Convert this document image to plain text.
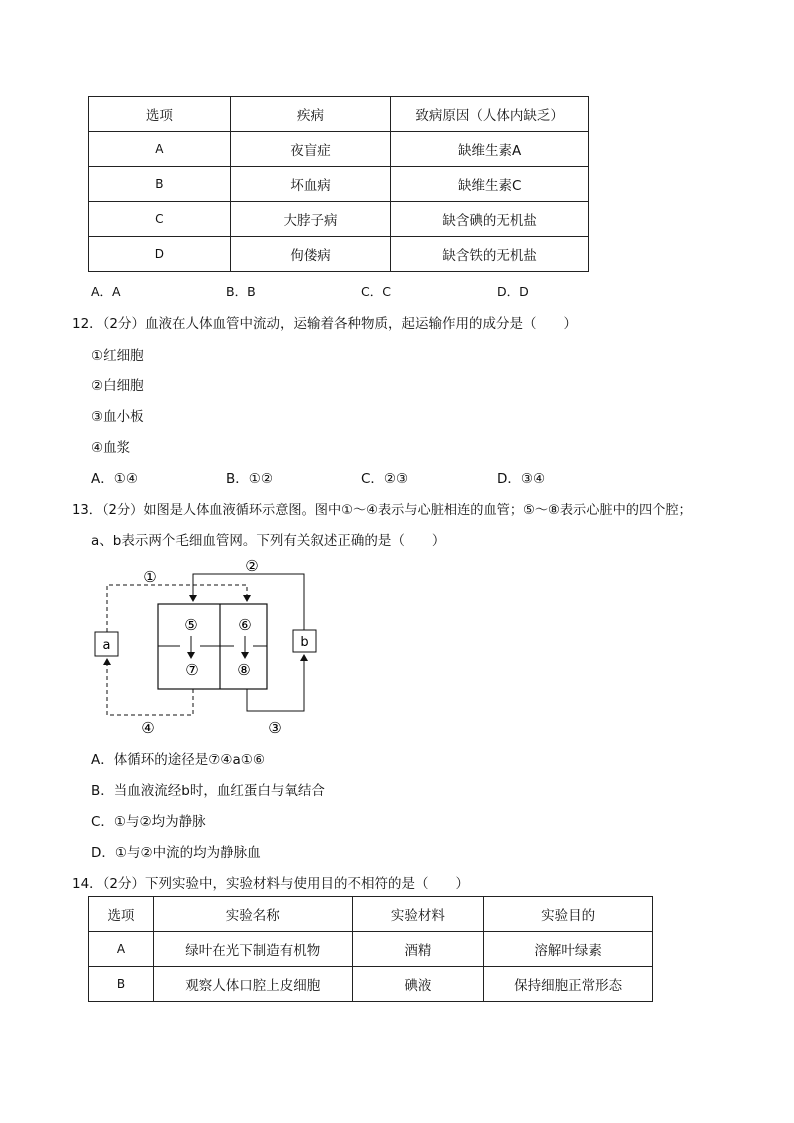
选项	疾病	致病原因（人体内缺乏）
A	夜盲症	缺维生素A
B	坏血病	缺维生素C
C	大脖子病	缺含碘的无机盐
D	佝偻病	缺含铁的无机盐
A．A	B．B	C．C	D．D
12．（2分）血液在人体血管中流动，运输着各种物质，起运输作用的成分是（　　）
①红细胞
②白细胞
③血小板
④血浆
A．①④	B．①②	C．②③	D．③④
13．（2分）如图是人体血液循环示意图。图中①～④表示与心脏相连的血管；⑤～⑧表示心脏中的四个腔；
a、b表示两个毛细血管网。下列有关叙述正确的是（　　）
⑤	⑥
⑦	⑧
a	b
①
②
③
④
A．体循环的途径是⑦④a①⑥
B．当血液流经b时，血红蛋白与氧结合
C．①与②均为静脉
D．①与②中流的均为静脉血
14．（2分）下列实验中，实验材料与使用目的不相符的是（　　）
选项	实验名称	实验材料	实验目的
A	绿叶在光下制造有机物	酒精	溶解叶绿素
B	观察人体口腔上皮细胞	碘液	保持细胞正常形态
